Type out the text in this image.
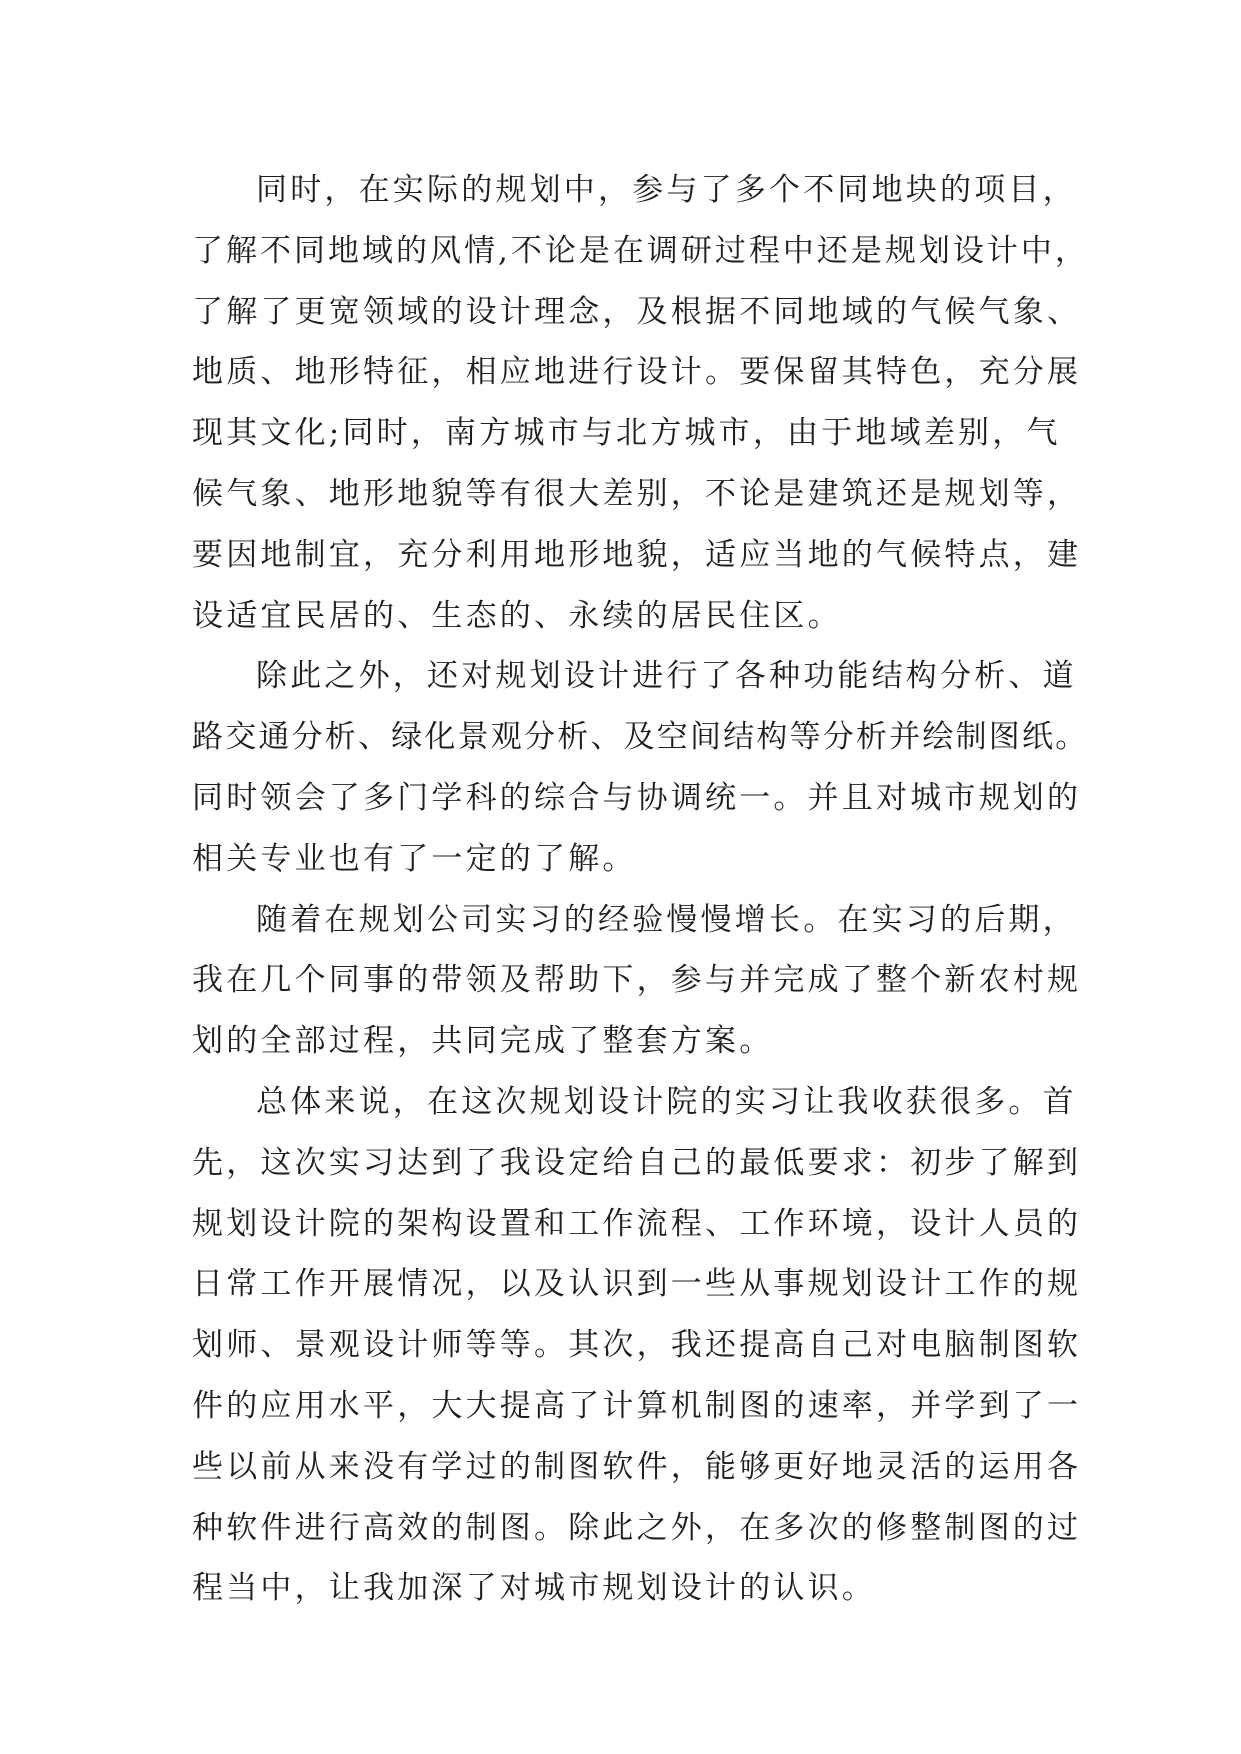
同时，在实际的规划中，参与了多个不同地块的项目，
了解不同地域的风情,不论是在调研过程中还是规划设计中，
了解了更宽领域的设计理念，及根据不同地域的气候气象、
地质、地形特征，相应地进行设计。要保留其特色，充分展
现其文化;同时，南方城市与北方城市，由于地域差别，气
候气象、地形地貌等有很大差别，不论是建筑还是规划等，
要因地制宜，充分利用地形地貌，适应当地的气候特点，建
设适宜民居的、生态的、永续的居民住区。
除此之外，还对规划设计进行了各种功能结构分析、道
路交通分析、绿化景观分析、及空间结构等分析并绘制图纸。
同时领会了多门学科的综合与协调统一。并且对城市规划的
相关专业也有了一定的了解。
随着在规划公司实习的经验慢慢增长。在实习的后期，
我在几个同事的带领及帮助下，参与并完成了整个新农村规
划的全部过程，共同完成了整套方案。
总体来说，在这次规划设计院的实习让我收获很多。首
先，这次实习达到了我设定给自己的最低要求：初步了解到
规划设计院的架构设置和工作流程、工作环境，设计人员的
日常工作开展情况，以及认识到一些从事规划设计工作的规
划师、景观设计师等等。其次，我还提高自己对电脑制图软
件的应用水平，大大提高了计算机制图的速率，并学到了一
些以前从来没有学过的制图软件，能够更好地灵活的运用各
种软件进行高效的制图。除此之外，在多次的修整制图的过
程当中，让我加深了对城市规划设计的认识。
